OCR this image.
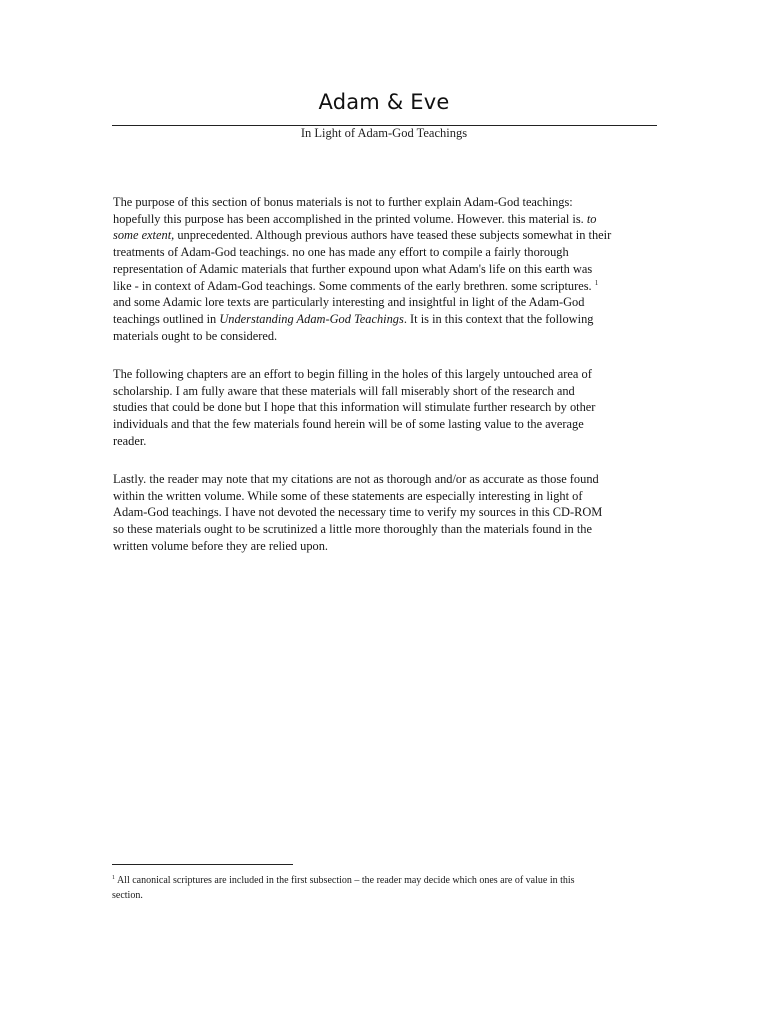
Adam & Eve
In Light of Adam-God Teachings
The purpose of this section of bonus materials is not to further explain Adam-God teachings:
hopefully this purpose has been accomplished in the printed volume. However. this material is. to
some extent, unprecedented. Although previous authors have teased these subjects somewhat in their
treatments of Adam-God teachings. no one has made any effort to compile a fairly thorough
representation of Adamic materials that further expound upon what Adam's life on this earth was
like - in context of Adam-God teachings. Some comments of the early brethren. some scriptures. $^1$
and some Adamic lore texts are particularly interesting and insightful in light of the Adam-God
teachings outlined in Understanding Adam-God Teachings. It is in this context that the following
materials ought to be considered.
The following chapters are an effort to begin filling in the holes of this largely untouched area of
scholarship. I am fully aware that these materials will fall miserably short of the research and
studies that could be done but I hope that this information will stimulate further research by other
individuals and that the few materials found herein will be of some lasting value to the average
reader.
Lastly. the reader may note that my citations are not as thorough and/or as accurate as those found
within the written volume. While some of these statements are especially interesting in light of
Adam-God teachings. I have not devoted the necessary time to verify my sources in this CD-ROM
so these materials ought to be scrutinized a little more thoroughly than the materials found in the
written volume before they are relied upon.
$^1$ All canonical scriptures are included in the first subsection – the reader may decide which ones are of value in this
section.
